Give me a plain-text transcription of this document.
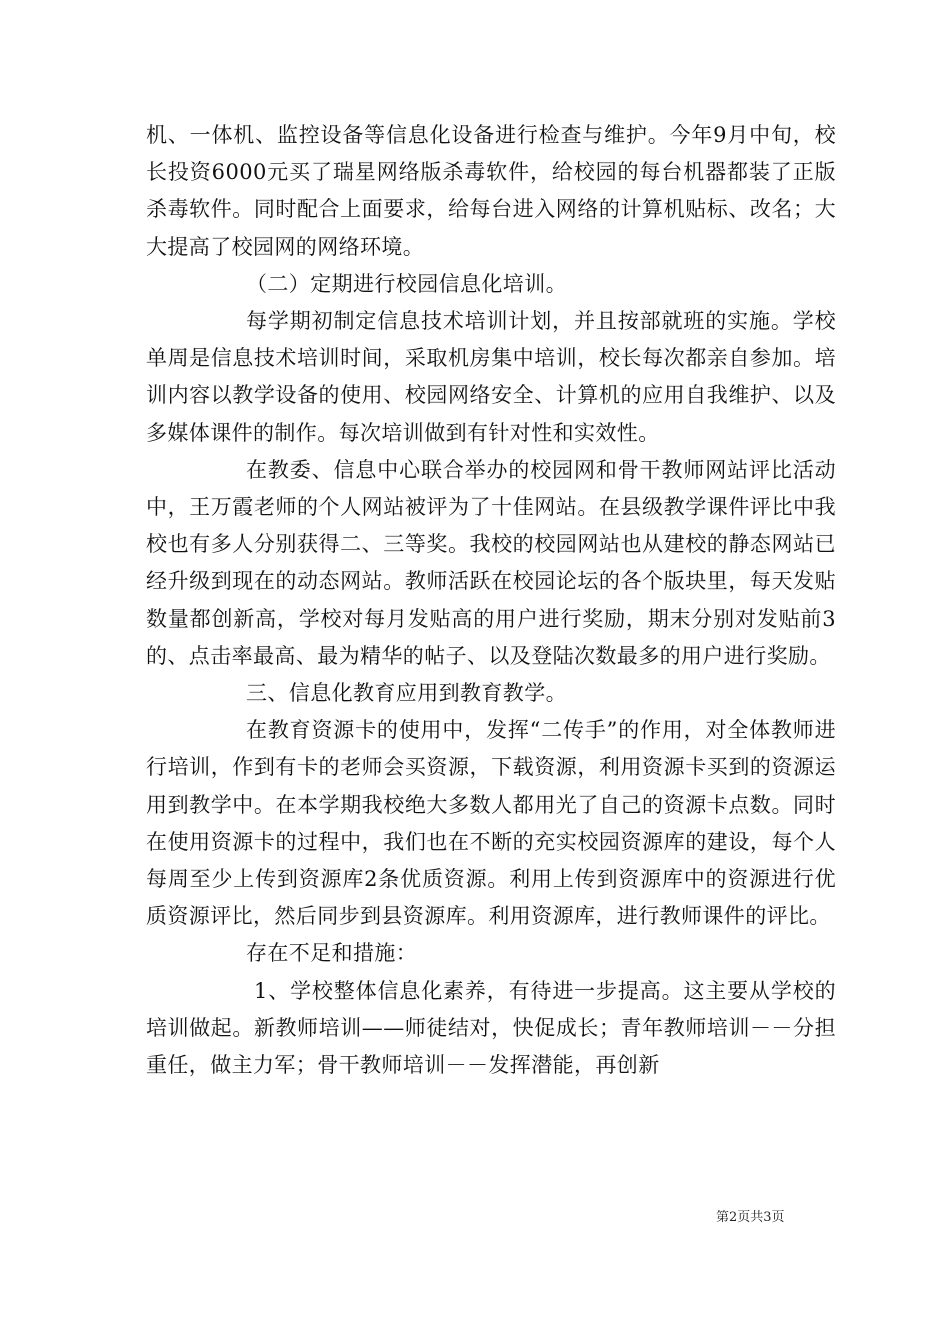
机、一体机、监控设备等信息化设备进行检查与维护。今年9月中旬，校长投资6000元买了瑞星网络版杀毒软件，给校园的每台机器都装了正版杀毒软件。同时配合上面要求，给每台进入网络的计算机贴标、改名；大大提高了校园网的网络环境。

（二）定期进行校园信息化培训。

每学期初制定信息技术培训计划，并且按部就班的实施。学校单周是信息技术培训时间，采取机房集中培训，校长每次都亲自参加。培训内容以教学设备的使用、校园网络安全、计算机的应用自我维护、以及多媒体课件的制作。每次培训做到有针对性和实效性。

在教委、信息中心联合举办的校园网和骨干教师网站评比活动中，王万霞老师的个人网站被评为了十佳网站。在县级教学课件评比中我校也有多人分别获得二、三等奖。我校的校园网站也从建校的静态网站已经升级到现在的动态网站。教师活跃在校园论坛的各个版块里，每天发贴数量都创新高，学校对每月发贴高的用户进行奖励，期末分别对发贴前3的、点击率最高、最为精华的帖子、以及登陆次数最多的用户进行奖励。

三、信息化教育应用到教育教学。

在教育资源卡的使用中，发挥“二传手”的作用，对全体教师进行培训，作到有卡的老师会买资源，下载资源，利用资源卡买到的资源运用到教学中。在本学期我校绝大多数人都用光了自己的资源卡点数。同时在使用资源卡的过程中，我们也在不断的充实校园资源库的建设，每个人每周至少上传到资源库2条优质资源。利用上传到资源库中的资源进行优质资源评比，然后同步到县资源库。利用资源库，进行教师课件的评比。

存在不足和措施：

1、学校整体信息化素养，有待进一步提高。这主要从学校的培训做起。新教师培训——师徒结对，快促成长；青年教师培训－－分担重任，做主力军；骨干教师培训－－发挥潜能，再创新

第2页共3页
